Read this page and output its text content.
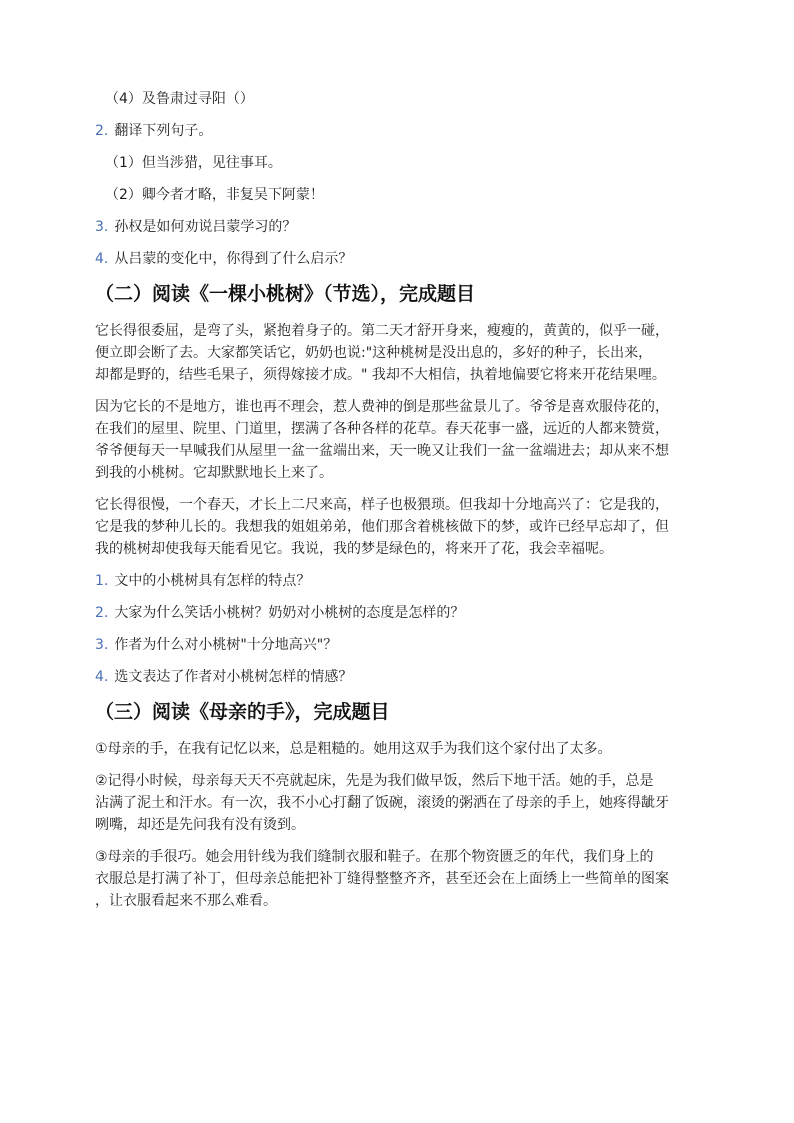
（4）及鲁肃过寻阳（）
2. 翻译下列句子。
（1）但当涉猎，见往事耳。
（2）卿今者才略，非复吴下阿蒙！
3. 孙权是如何劝说吕蒙学习的？
4. 从吕蒙的变化中，你得到了什么启示？
（二）阅读《一棵小桃树》（节选），完成题目
它长得很委屈，是弯了头，紧抱着身子的。第二天才舒开身来，瘦瘦的，黄黄的，似乎一碰，
便立即会断了去。大家都笑话它，奶奶也说:"这种桃树是没出息的，多好的种子，长出来，
却都是野的，结些毛果子，须得嫁接才成。" 我却不大相信，执着地偏要它将来开花结果哩。
因为它长的不是地方，谁也再不理会，惹人费神的倒是那些盆景儿了。爷爷是喜欢服侍花的，
在我们的屋里、院里、门道里，摆满了各种各样的花草。春天花事一盛，远近的人都来赞赏，
爷爷便每天一早喊我们从屋里一盆一盆端出来，天一晚又让我们一盆一盆端进去；却从来不想
到我的小桃树。它却默默地长上来了。
它长得很慢，一个春天，才长上二尺来高，样子也极猥琐。但我却十分地高兴了：它是我的，
它是我的梦种儿长的。我想我的姐姐弟弟，他们那含着桃核做下的梦，或许已经早忘却了，但
我的桃树却使我每天能看见它。我说，我的梦是绿色的，将来开了花，我会幸福呢。
1. 文中的小桃树具有怎样的特点？
2. 大家为什么笑话小桃树？奶奶对小桃树的态度是怎样的？
3. 作者为什么对小桃树"十分地高兴"？
4. 选文表达了作者对小桃树怎样的情感？
（三）阅读《母亲的手》，完成题目
①母亲的手，在我有记忆以来，总是粗糙的。她用这双手为我们这个家付出了太多。
②记得小时候，母亲每天天不亮就起床，先是为我们做早饭，然后下地干活。她的手，总是
沾满了泥土和汗水。有一次，我不小心打翻了饭碗，滚烫的粥洒在了母亲的手上，她疼得龇牙
咧嘴，却还是先问我有没有烫到。
③母亲的手很巧。她会用针线为我们缝制衣服和鞋子。在那个物资匮乏的年代，我们身上的
衣服总是打满了补丁，但母亲总能把补丁缝得整整齐齐，甚至还会在上面绣上一些简单的图案
，让衣服看起来不那么难看。
